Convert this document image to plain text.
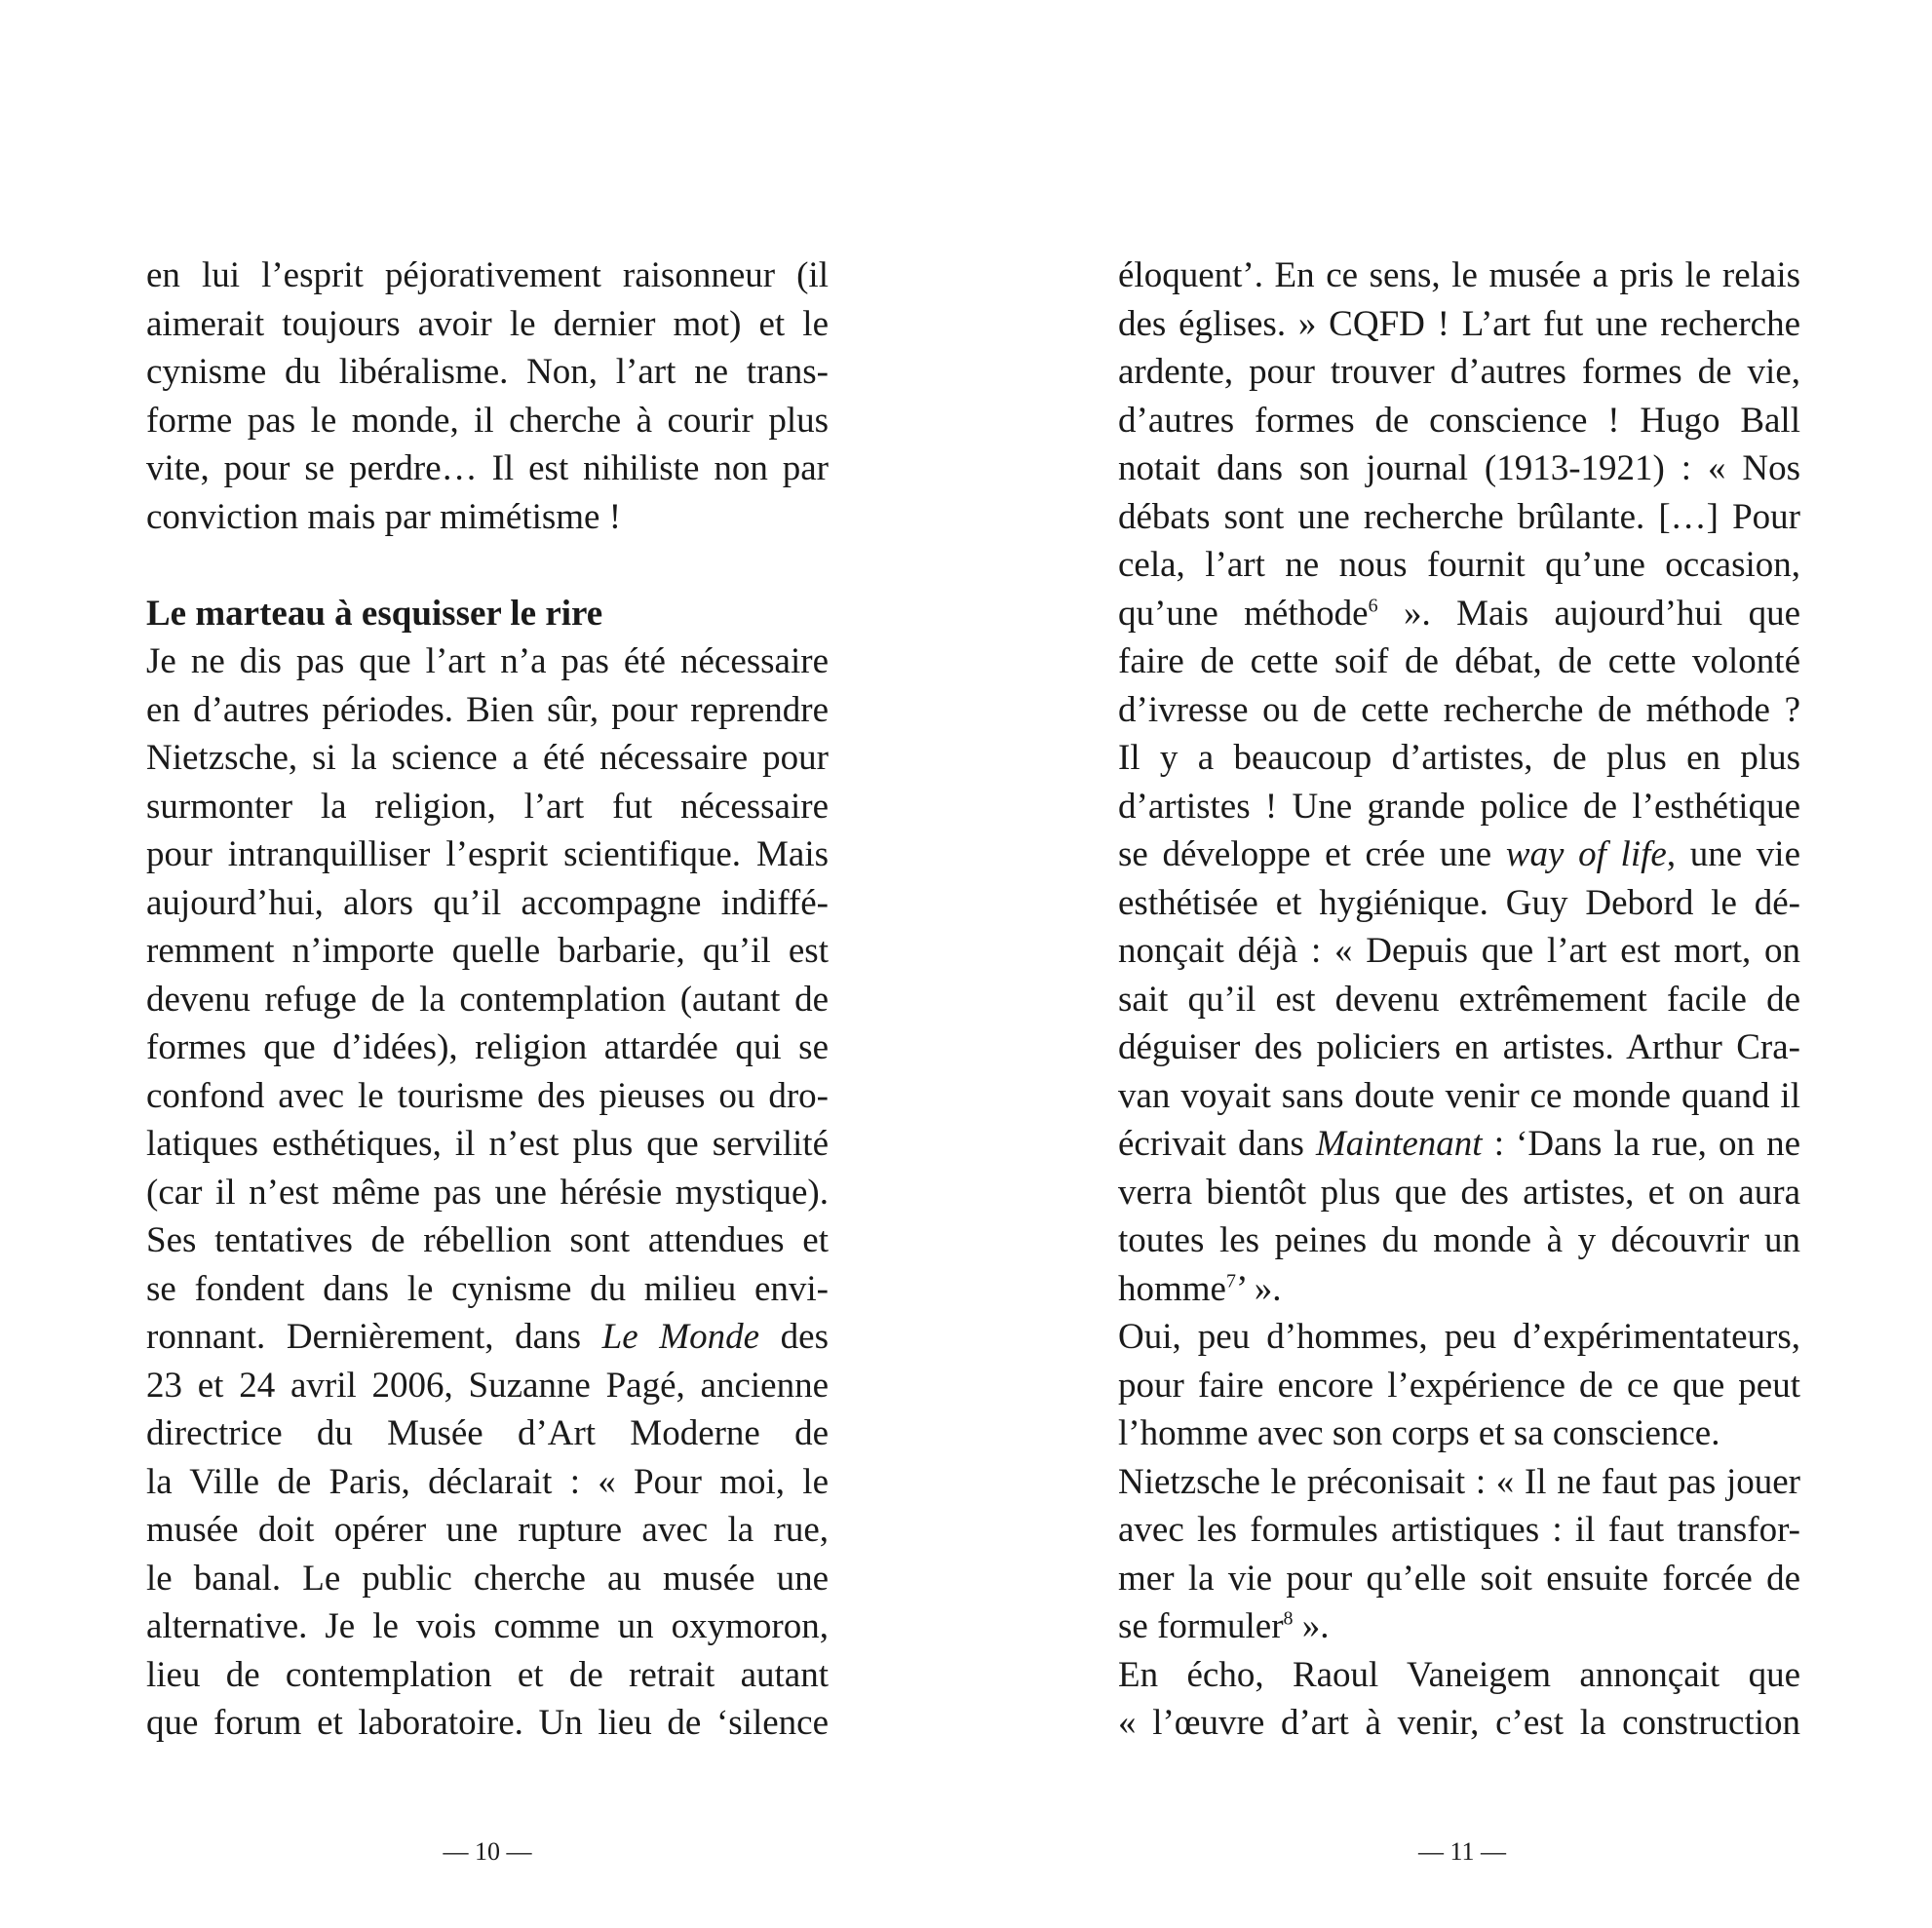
en lui l’esprit péjorativement raisonneur (il
aimerait toujours avoir le dernier mot) et le
cynisme du libéralisme. Non, l’art ne trans-
forme pas le monde, il cherche à courir plus
vite, pour se perdre… Il est nihiliste non par
conviction mais par mimétisme !
Le marteau à esquisser le rire
Je ne dis pas que l’art n’a pas été nécessaire
en d’autres périodes. Bien sûr, pour reprendre
Nietzsche, si la science a été nécessaire pour
surmonter la religion, l’art fut nécessaire
pour intranquilliser l’esprit scientifique. Mais
aujourd’hui, alors qu’il accompagne indiffé-
remment n’importe quelle barbarie, qu’il est
devenu refuge de la contemplation (autant de
formes que d’idées), religion attardée qui se
confond avec le tourisme des pieuses ou dro-
latiques esthétiques, il n’est plus que servilité
(car il n’est même pas une hérésie mystique).
Ses tentatives de rébellion sont attendues et
se fondent dans le cynisme du milieu envi-
ronnant. Dernièrement, dans Le Monde des
23 et 24 avril 2006, Suzanne Pagé, ancienne
directrice du Musée d’Art Moderne de
la Ville de Paris, déclarait : « Pour moi, le
musée doit opérer une rupture avec la rue,
le banal. Le public cherche au musée une
alternative. Je le vois comme un oxymoron,
lieu de contemplation et de retrait autant
que forum et laboratoire. Un lieu de ‘silence
— 10 —
éloquent’. En ce sens, le musée a pris le relais
des églises. » CQFD ! L’art fut une recherche
ardente, pour trouver d’autres formes de vie,
d’autres formes de conscience ! Hugo Ball
notait dans son journal (1913-1921) : « Nos
débats sont une recherche brûlante. […] Pour
cela, l’art ne nous fournit qu’une occasion,
qu’une méthode$^6$ ». Mais aujourd’hui que
faire de cette soif de débat, de cette volonté
d’ivresse ou de cette recherche de méthode ?
Il y a beaucoup d’artistes, de plus en plus
d’artistes ! Une grande police de l’esthétique
se développe et crée une way of life, une vie
esthétisée et hygiénique. Guy Debord le dé-
nonçait déjà : « Depuis que l’art est mort, on
sait qu’il est devenu extrêmement facile de
déguiser des policiers en artistes. Arthur Cra-
van voyait sans doute venir ce monde quand il
écrivait dans Maintenant : ‘Dans la rue, on ne
verra bientôt plus que des artistes, et on aura
toutes les peines du monde à y découvrir un
homme$^7$’ ».
Oui, peu d’hommes, peu d’expérimentateurs,
pour faire encore l’expérience de ce que peut
l’homme avec son corps et sa conscience.
Nietzsche le préconisait : « Il ne faut pas jouer
avec les formules artistiques : il faut transfor-
mer la vie pour qu’elle soit ensuite forcée de
se formuler$^8$ ».
En écho, Raoul Vaneigem annonçait que
« l’œuvre d’art à venir, c’est la construction
— 11 —
